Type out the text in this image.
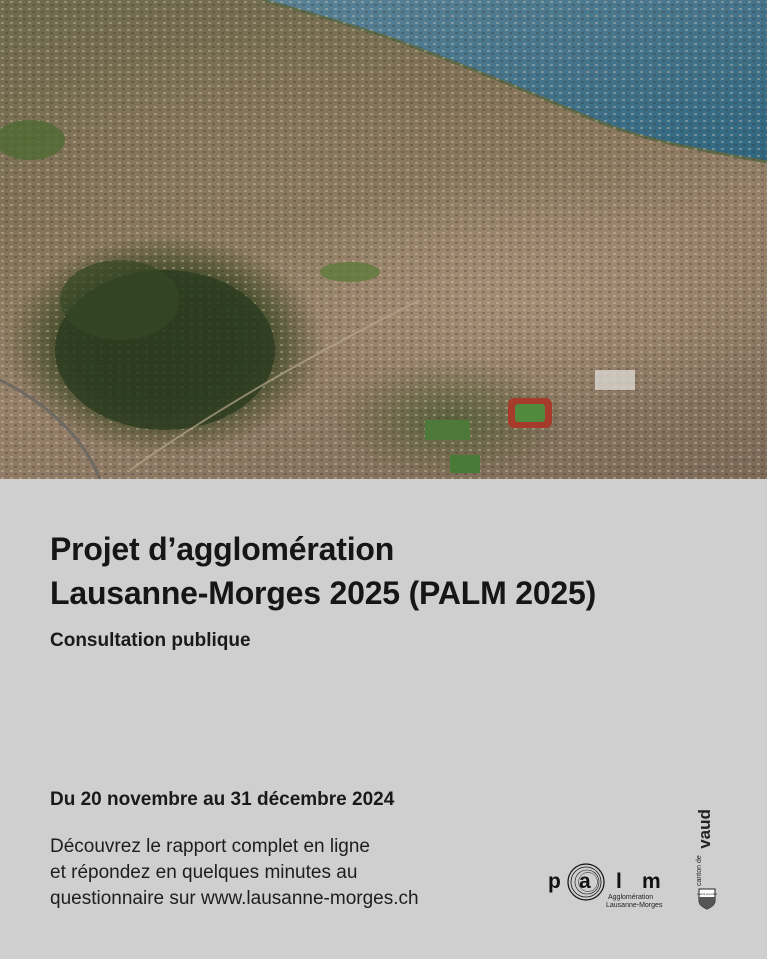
Projet d’agglomération
Lausanne-Morges 2025 (PALM 2025)
Consultation publique
Du 20 novembre au 31 décembre 2024
Découvrez le rapport complet en ligne
et répondez en quelques minutes au
questionnaire sur www.lausanne-morges.ch
p a l m
Agglomération
Lausanne-Morges
canton de vaud
liberté et patrie
